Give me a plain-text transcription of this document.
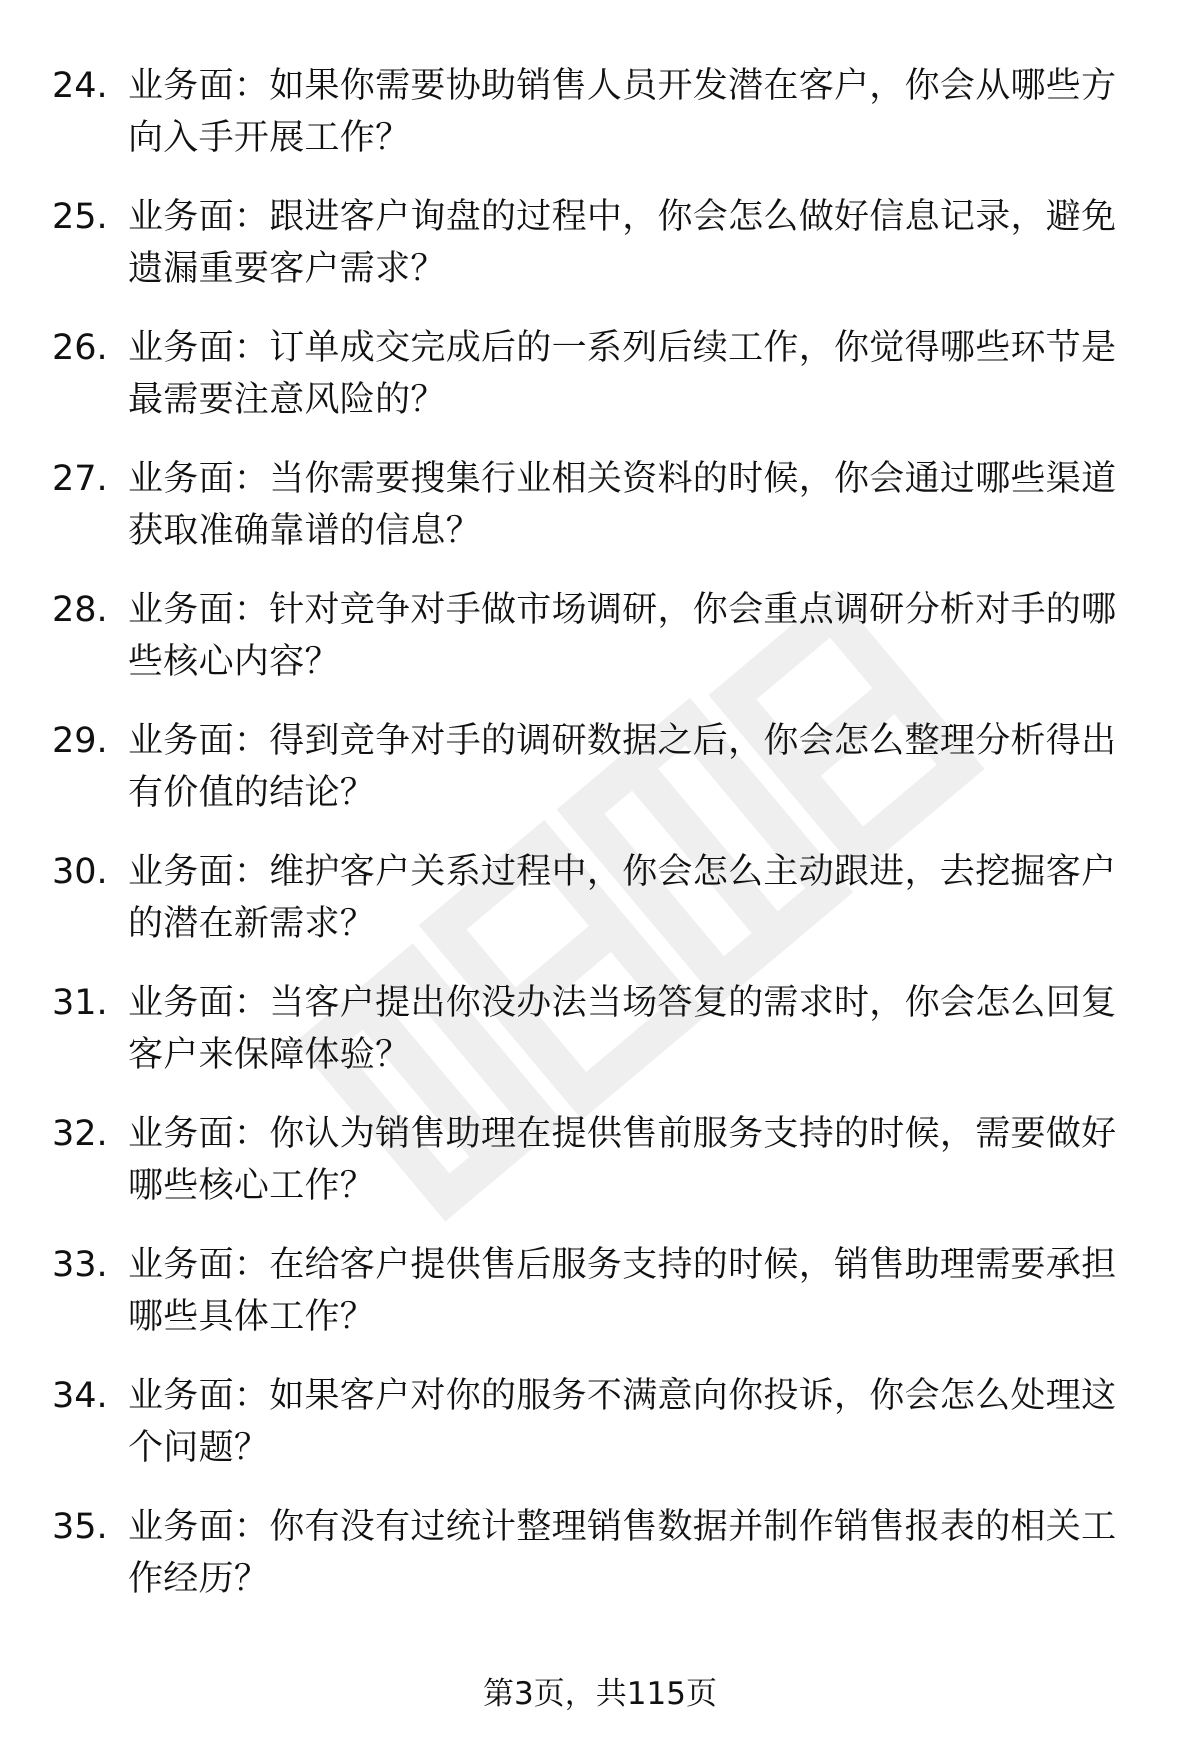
24. 业务面：如果你需要协助销售人员开发潜在客户，你会从哪些方向入手开展工作？
25. 业务面：跟进客户询盘的过程中，你会怎么做好信息记录，避免遗漏重要客户需求？
26. 业务面：订单成交完成后的一系列后续工作，你觉得哪些环节是最需要注意风险的？
27. 业务面：当你需要搜集行业相关资料的时候，你会通过哪些渠道获取准确靠谱的信息？
28. 业务面：针对竞争对手做市场调研，你会重点调研分析对手的哪些核心内容？
29. 业务面：得到竞争对手的调研数据之后，你会怎么整理分析得出有价值的结论？
30. 业务面：维护客户关系过程中，你会怎么主动跟进，去挖掘客户的潜在新需求？
31. 业务面：当客户提出你没办法当场答复的需求时，你会怎么回复客户来保障体验？
32. 业务面：你认为销售助理在提供售前服务支持的时候，需要做好哪些核心工作？
33. 业务面：在给客户提供售后服务支持的时候，销售助理需要承担哪些具体工作？
34. 业务面：如果客户对你的服务不满意向你投诉，你会怎么处理这个问题？
35. 业务面：你有没有过统计整理销售数据并制作销售报表的相关工作经历？
第3页，共115页
